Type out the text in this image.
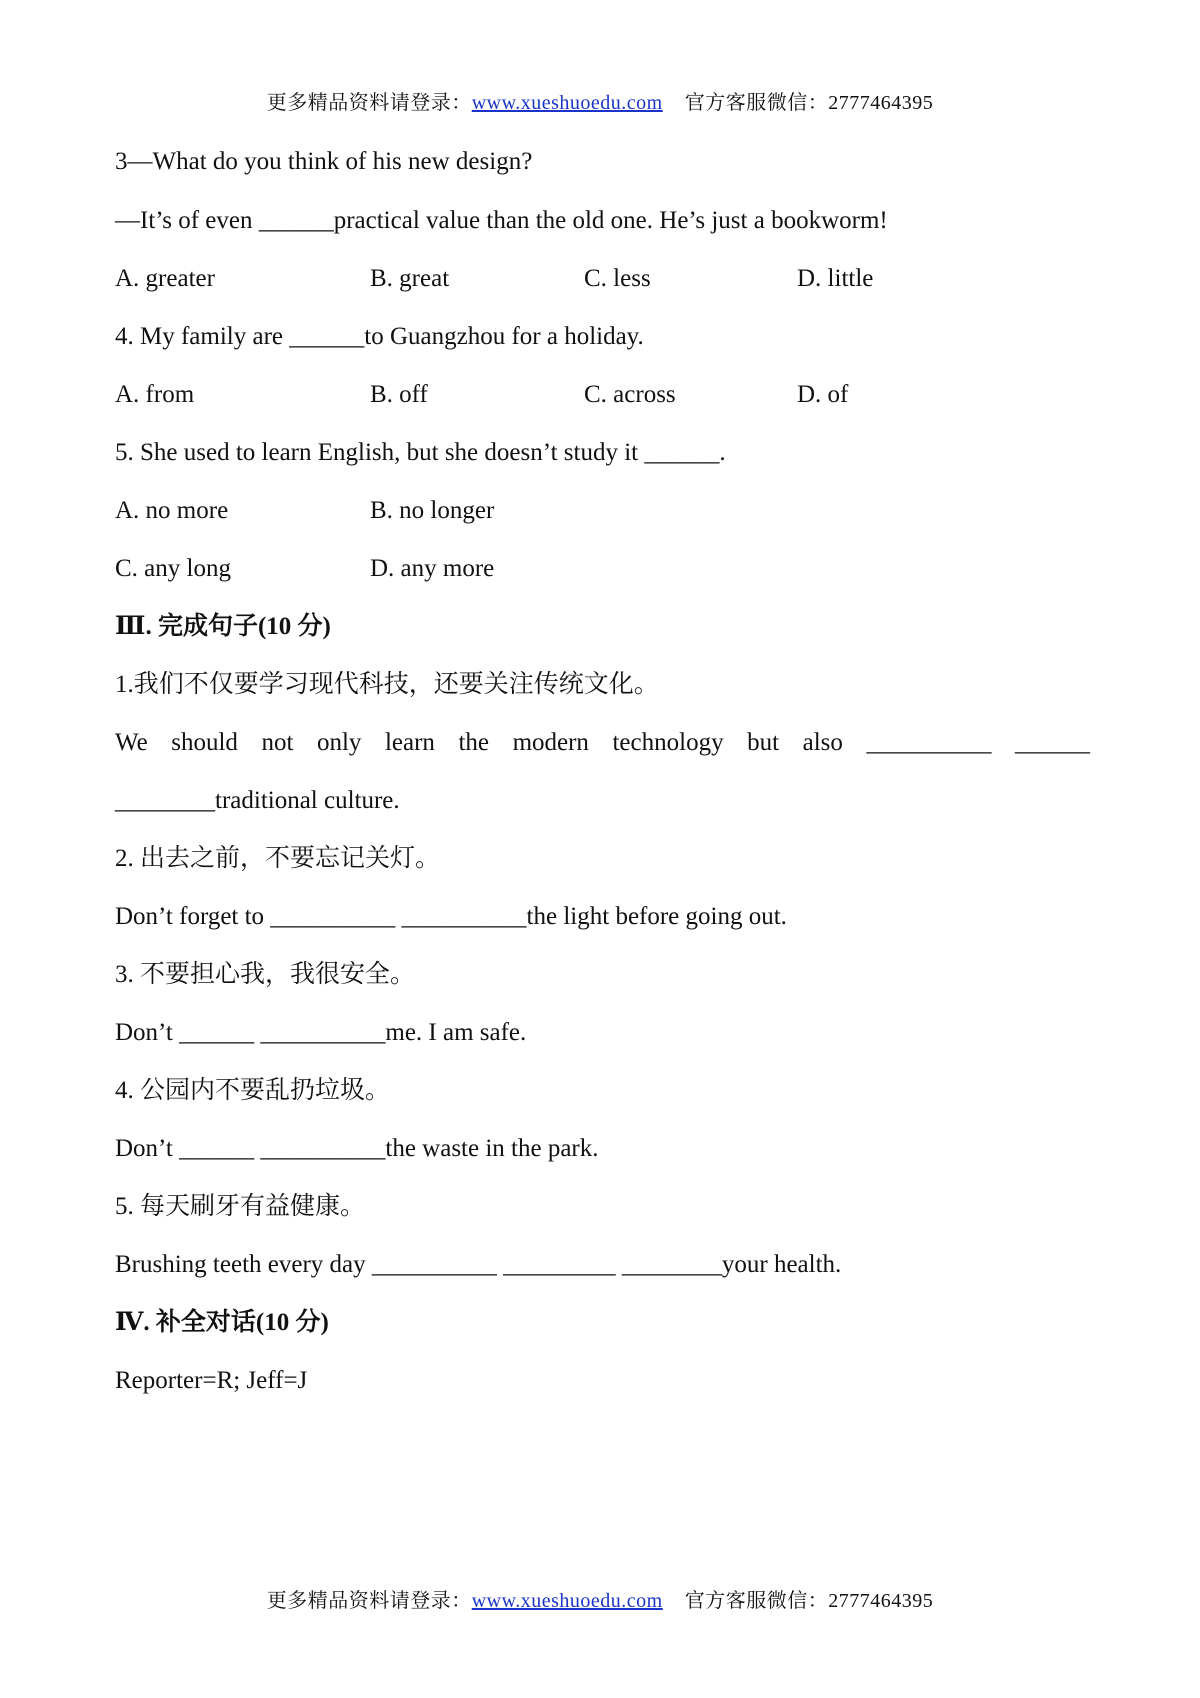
更多精品资料请登录：www.xueshuoedu.com 官方客服微信：2777464395
3—What do you think of his new design?
—It’s of even ______practical value than the old one. He’s just a bookworm!
A. greater	B. great	C. less	D. little
4. My family are ______to Guangzhou for a holiday.
A. from	B. off	C. across	D. of
5. She used to learn English, but she doesn’t study it ______.
A. no more	B. no longer
C. any long	D. any more
Ⅲ. 完成句子(10 分)
1.我们不仅要学习现代科技，还要关注传统文化。
We should not only learn the modern technology but also __________ ______
________traditional culture.
2. 出去之前，不要忘记关灯。
Don’t forget to __________ __________the light before going out.
3. 不要担心我，我很安全。
Don’t ______ __________me. I am safe.
4. 公园内不要乱扔垃圾。
Don’t ______ __________the waste in the park.
5. 每天刷牙有益健康。
Brushing teeth every day __________ _________ ________your health.
Ⅳ. 补全对话(10 分)
Reporter=R; Jeff=J
更多精品资料请登录：www.xueshuoedu.com 官方客服微信：2777464395
